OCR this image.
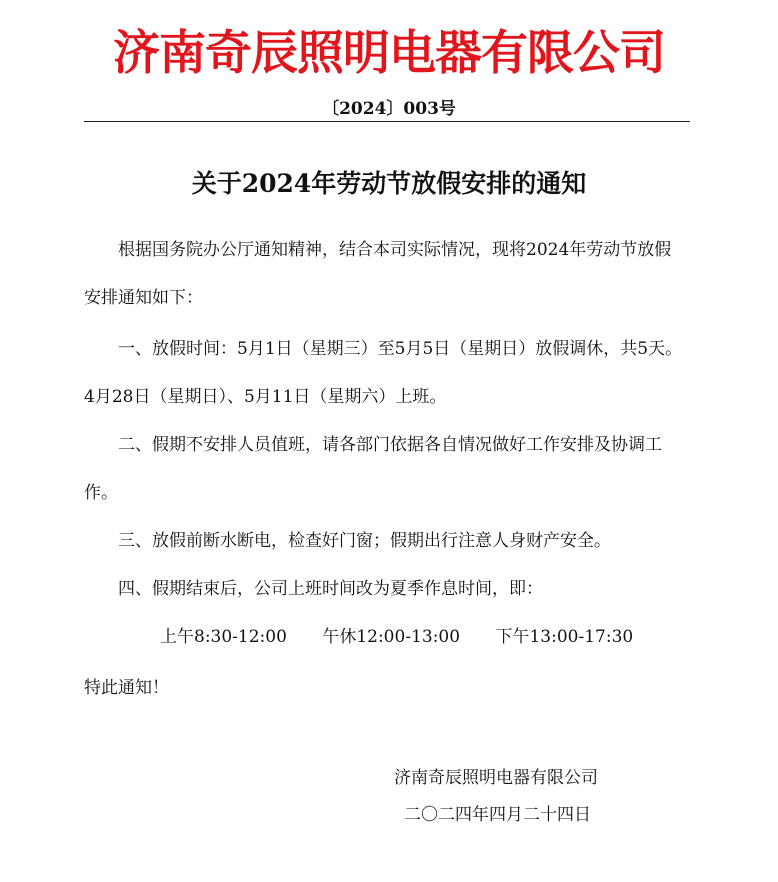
济南奇辰照明电器有限公司
〔2024〕003号
关于2024年劳动节放假安排的通知
根据国务院办公厅通知精神，结合本司实际情况，现将2024年劳动节放假安排通知如下：
一、放假时间：5月1日（星期三）至5月5日（星期日）放假调休，共5天。4月28日（星期日）、5月11日（星期六）上班。
二、假期不安排人员值班，请各部门依据各自情况做好工作安排及协调工作。
三、放假前断水断电，检查好门窗；假期出行注意人身财产安全。
四、假期结束后，公司上班时间改为夏季作息时间，即：
上午8:30-12:00 午休12:00-13:00 下午13:00-17:30
特此通知！
济南奇辰照明电器有限公司
二〇二四年四月二十四日
